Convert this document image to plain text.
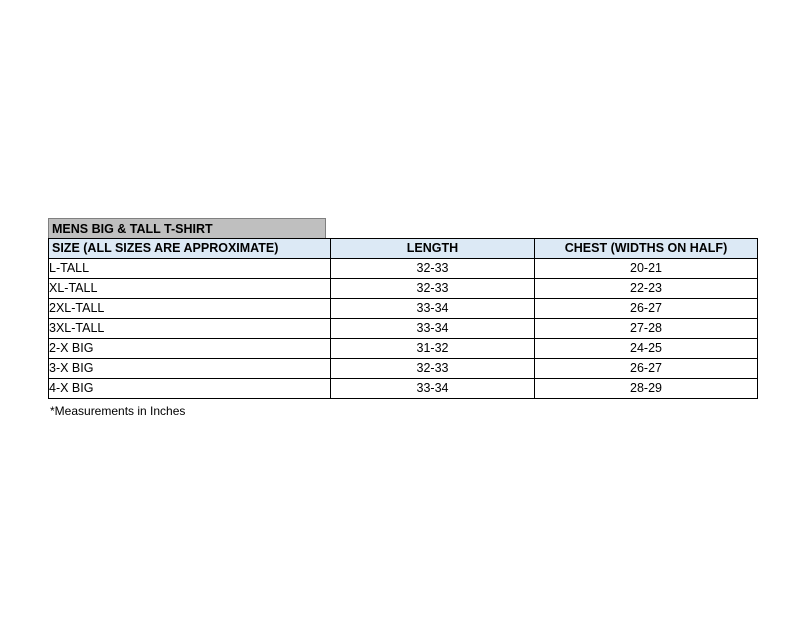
MENS BIG & TALL T-SHIRT
SIZE (ALL SIZES ARE APPROXIMATE)	LENGTH	CHEST (WIDTHS ON HALF)
L-TALL	32-33	20-21
XL-TALL	32-33	22-23
2XL-TALL	33-34	26-27
3XL-TALL	33-34	27-28
2-X BIG	31-32	24-25
3-X BIG	32-33	26-27
4-X BIG	33-34	28-29
*Measurements in Inches
